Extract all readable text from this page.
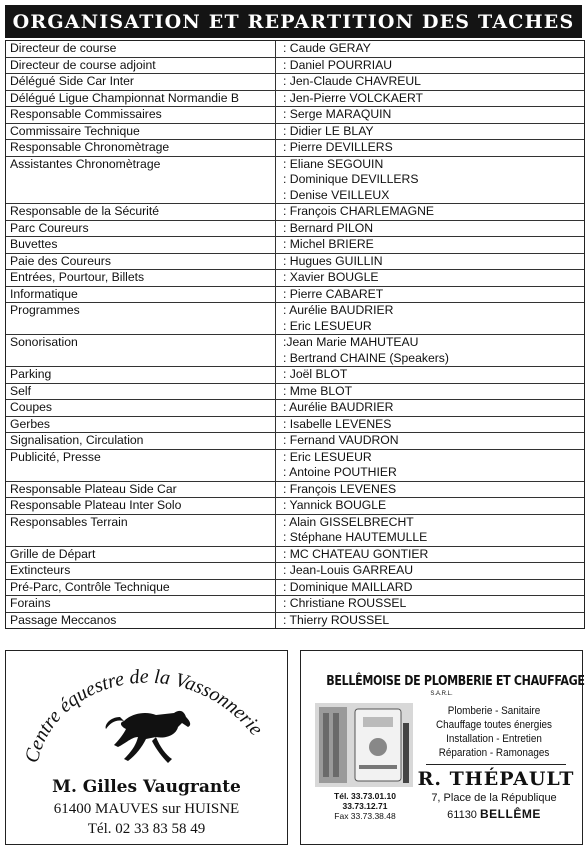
ORGANISATION ET REPARTITION DES TACHES
Directeur de course	: Caude GERAY
Directeur de course adjoint	: Daniel POURRIAU
Délégué Side Car Inter	: Jen-Claude CHAVREUL
Délégué Ligue Championnat Normandie B	: Jen-Pierre VOLCKAERT
Responsable Commissaires	: Serge MARAQUIN
Commissaire Technique	: Didier LE BLAY
Responsable Chronomètrage	: Pierre DEVILLERS
Assistantes Chronomètrage	: Eliane SEGOUIN
: Dominique DEVILLERS
: Denise VEILLEUX
Responsable de la Sécurité	: François CHARLEMAGNE
Parc Coureurs	: Bernard PILON
Buvettes	: Michel BRIERE
Paie des Coureurs	: Hugues GUILLIN
Entrées, Pourtour, Billets	: Xavier BOUGLE
Informatique	: Pierre CABARET
Programmes	: Aurélie BAUDRIER
: Eric LESUEUR
Sonorisation	:Jean Marie MAHUTEAU
: Bertrand CHAINE (Speakers)
Parking	: Joël BLOT
Self	: Mme BLOT
Coupes	: Aurélie BAUDRIER
Gerbes	: Isabelle LEVENES
Signalisation, Circulation	: Fernand VAUDRON
Publicité, Presse	: Eric LESUEUR
: Antoine POUTHIER
Responsable Plateau Side Car	: François LEVENES
Responsable Plateau Inter Solo	: Yannick BOUGLE
Responsables Terrain	: Alain GISSELBRECHT
: Stéphane HAUTEMULLE
Grille de Départ	: MC CHATEAU GONTIER
Extincteurs	: Jean-Louis GARREAU
Pré-Parc, Contrôle Technique	: Dominique MAILLARD
Forains	: Christiane ROUSSEL
Passage Meccanos	: Thierry ROUSSEL
Centre équestre de la Vassonnerie
M. Gilles Vaugrante
61400 MAUVES sur HUISNE
Tél. 02 33 83 58 49
BELLÊMOISE DE PLOMBERIE ET CHAUFFAGE
S.A.R.L.
Plomberie - Sanitaire
Chauffage toutes énergies
Installation - Entretien
Réparation - Ramonages
R. THÉPAULT
7, Place de la République
61130 BELLÊME
Tél. 33.73.01.10
33.73.12.71
Fax 33.73.38.48
